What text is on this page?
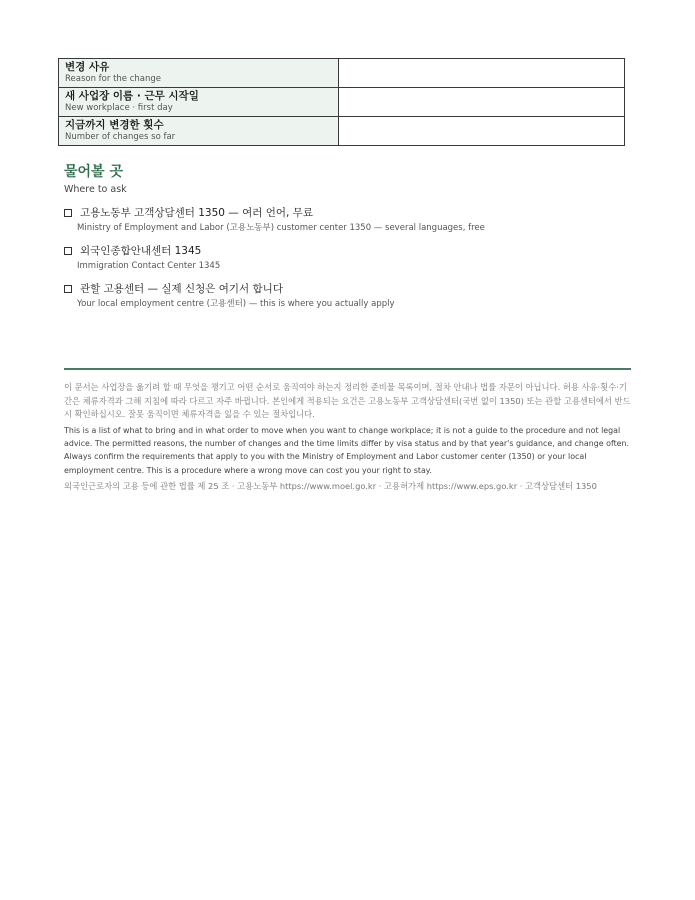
변경 사유
Reason for the change	

새 사업장 이름 · 근무 시작일
New workplace · first day	

지금까지 변경한 횟수
Number of changes so far	

물어볼 곳
Where to ask
고용노동부 고객상담센터 1350 — 여러 언어, 무료
Ministry of Employment and Labor (고용노동부) customer center 1350 — several languages, free
외국인종합안내센터 1345
Immigration Contact Center 1345
관할 고용센터 — 실제 신청은 여기서 합니다
Your local employment centre (고용센터) — this is where you actually apply
이 문서는 사업장을 옮기려 할 때 무엇을 챙기고 어떤 순서로 움직여야 하는지 정리한 준비물 목록이며, 절차 안내나 법률 자문이 아닙니다. 허용 사유·횟수·기간은 체류자격과 그해 지침에 따라 다르고 자주 바뀝니다. 본인에게 적용되는 요건은 고용노동부 고객상담센터(국번 없이 1350) 또는 관할 고용센터에서 반드시 확인하십시오. 잘못 움직이면 체류자격을 잃을 수 있는 절차입니다.
This is a list of what to bring and in what order to move when you want to change workplace; it is not a guide to the procedure and not legal advice. The permitted reasons, the number of changes and the time limits differ by visa status and by that year's guidance, and change often. Always confirm the requirements that apply to you with the Ministry of Employment and Labor customer center (1350) or your local employment centre. This is a procedure where a wrong move can cost you your right to stay.
외국인근로자의 고용 등에 관한 법률 제 25 조 · 고용노동부 https://www.moel.go.kr · 고용허가제 https://www.eps.go.kr · 고객상담센터 1350
